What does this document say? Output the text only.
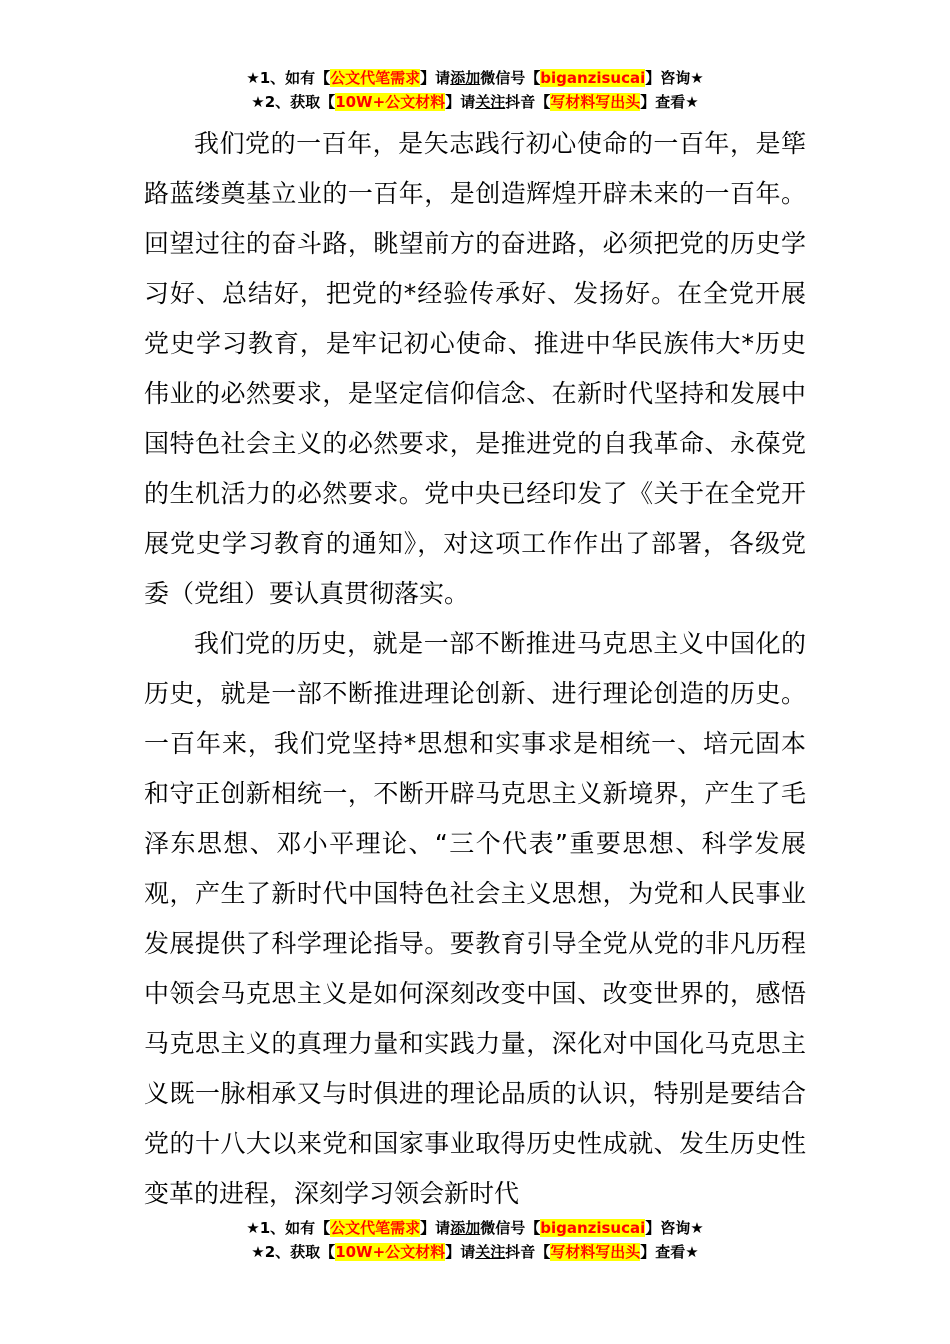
★1、如有【公文代笔需求】请添加微信号【biganzisucai】咨询★
★2、获取【10W+公文材料】请关注抖音【写材料写出头】查看★

我们党的一百年，是矢志践行初心使命的一百年，是筚路蓝缕奠基立业的一百年，是创造辉煌开辟未来的一百年。回望过往的奋斗路，眺望前方的奋进路，必须把党的历史学习好、总结好，把党的*经验传承好、发扬好。在全党开展党史学习教育，是牢记初心使命、推进中华民族伟大*历史伟业的必然要求，是坚定信仰信念、在新时代坚持和发展中国特色社会主义的必然要求，是推进党的自我革命、永葆党的生机活力的必然要求。党中央已经印发了《关于在全党开展党史学习教育的通知》，对这项工作作出了部署，各级党委（党组）要认真贯彻落实。

我们党的历史，就是一部不断推进马克思主义中国化的历史，就是一部不断推进理论创新、进行理论创造的历史。一百年来，我们党坚持*思想和实事求是相统一、培元固本和守正创新相统一，不断开辟马克思主义新境界，产生了毛泽东思想、邓小平理论、“三个代表”重要思想、科学发展观，产生了新时代中国特色社会主义思想，为党和人民事业发展提供了科学理论指导。要教育引导全党从党的非凡历程中领会马克思主义是如何深刻改变中国、改变世界的，感悟马克思主义的真理力量和实践力量，深化对中国化马克思主义既一脉相承又与时俱进的理论品质的认识，特别是要结合党的十八大以来党和国家事业取得历史性成就、发生历史性变革的进程，深刻学习领会新时代

★1、如有【公文代笔需求】请添加微信号【biganzisucai】咨询★
★2、获取【10W+公文材料】请关注抖音【写材料写出头】查看★
